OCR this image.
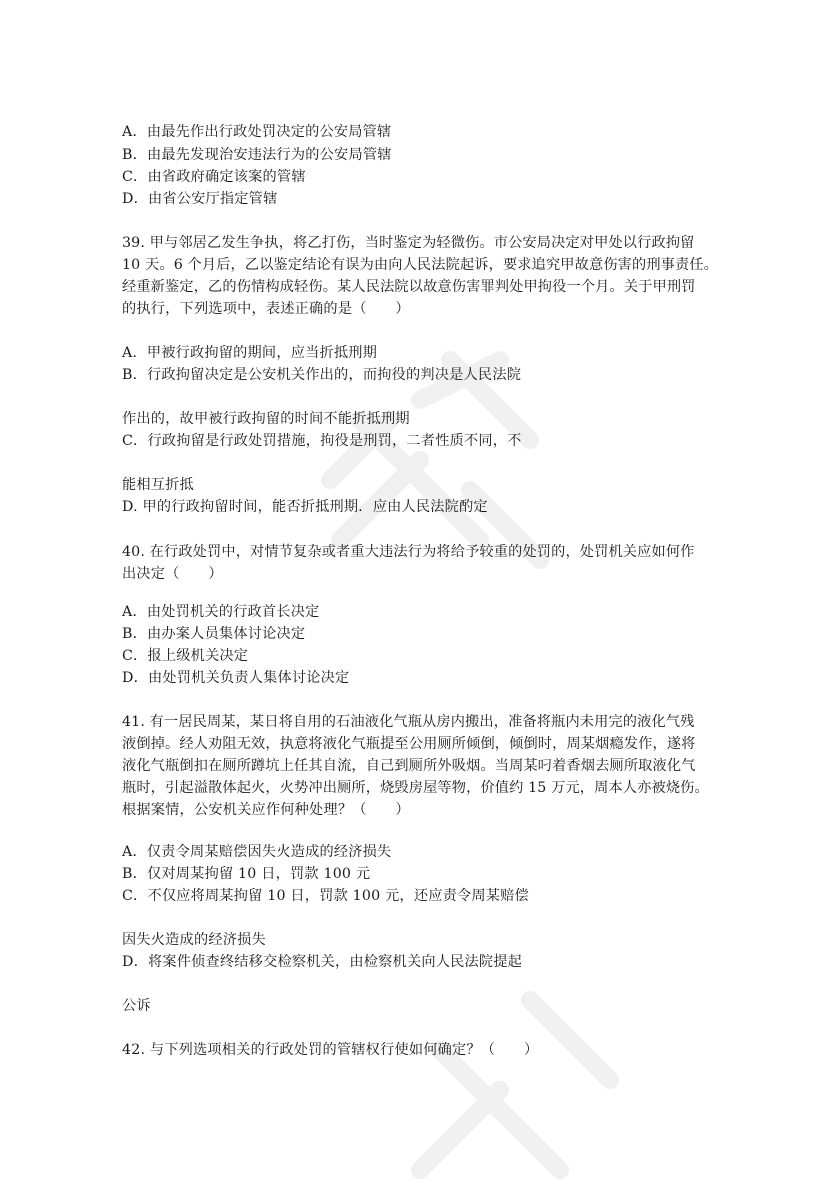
A．由最先作出行政处罚决定的公安局管辖
B．由最先发现治安违法行为的公安局管辖
C．由省政府确定该案的管辖
D．由省公安厅指定管辖
39. 甲与邻居乙发生争执，将乙打伤，当时鉴定为轻微伤。市公安局决定对甲处以行政拘留
10 天。6 个月后，乙以鉴定结论有误为由向人民法院起诉，要求追究甲故意伤害的刑事责任。
经重新鉴定，乙的伤情构成轻伤。某人民法院以故意伤害罪判处甲拘役一个月。关于甲刑罚
的执行，下列选项中，表述正确的是（　　）
A．甲被行政拘留的期间，应当折抵刑期
B．行政拘留决定是公安机关作出的，而拘役的判决是人民法院
作出的，故甲被行政拘留的时间不能折抵刑期
C．行政拘留是行政处罚措施，拘役是刑罚，二者性质不同，不
能相互折抵
D. 甲的行政拘留时间，能否折抵刑期．应由人民法院酌定
40. 在行政处罚中，对情节复杂或者重大违法行为将给予较重的处罚的，处罚机关应如何作
出决定（　　）
A．由处罚机关的行政首长决定
B．由办案人员集体讨论决定
C．报上级机关决定
D．由处罚机关负责人集体讨论决定
41. 有一居民周某，某日将自用的石油液化气瓶从房内搬出，准备将瓶内未用完的液化气残
液倒掉。经人劝阻无效，执意将液化气瓶提至公用厕所倾倒，倾倒时，周某烟瘾发作，遂将
液化气瓶倒扣在厕所蹲坑上任其自流，自己到厕所外吸烟。当周某叼着香烟去厕所取液化气
瓶时，引起溢散体起火，火势冲出厕所，烧毁房屋等物，价值约 15 万元，周本人亦被烧伤。
根据案情，公安机关应作何种处理？（　　）
A．仅责令周某赔偿因失火造成的经济损失
B．仅对周某拘留 10 日，罚款 100 元
C．不仅应将周某拘留 10 日，罚款 100 元，还应责令周某赔偿
因失火造成的经济损失
D．将案件侦查终结移交检察机关，由检察机关向人民法院提起
公诉
42. 与下列选项相关的行政处罚的管辖权行使如何确定？（　　）
